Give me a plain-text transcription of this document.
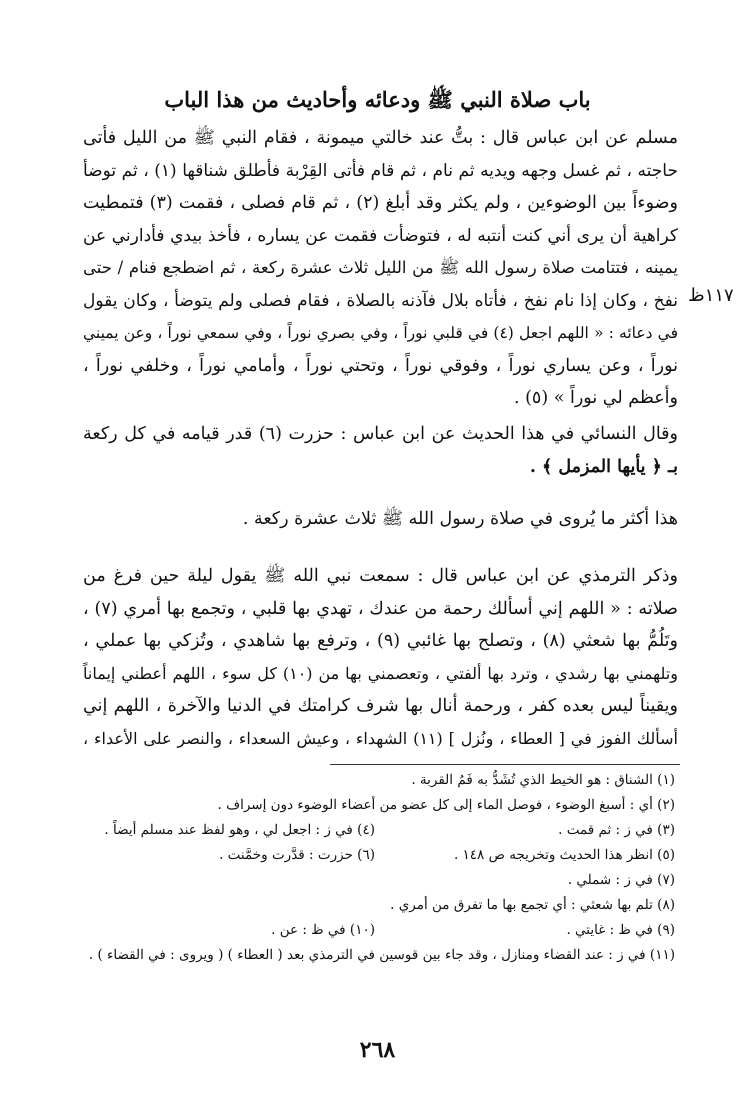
باب صلاة النبي ﷺ ودعائه وأحاديث من هذا الباب
١١٧ظ
مسلم عن ابن عباس قال : بتُّ عند خالتي ميمونة ، فقام النبي ﷺ من الليل فأتى
حاجته ، ثم غسل وجهه ويديه ثم نام ، ثم قام فأتى القِرْبة فأطلق شناقها (١) ، ثم توضأ
وضوءاً بين الوضوءين ، ولم يكثر وقد أبلغ (٢) ، ثم قام فصلى ، فقمت (٣) فتمطيت
كراهية أن يرى أني كنت أنتبه له ، فتوضأت فقمت عن يساره ، فأخذ بيدي فأدارني عن
يمينه ، فتتامت صلاة رسول الله ﷺ من الليل ثلاث عشرة ركعة ، ثم اضطجع فنام / حتى
نفخ ، وكان إذا نام نفخ ، فأتاه بلال فآذنه بالصلاة ، فقام فصلى ولم يتوضأ ، وكان يقول
في دعائه : « اللهم اجعل (٤) في قلبي نوراً ، وفي بصري نوراً ، وفي سمعي نوراً ، وعن يميني
نوراً ، وعن يساري نوراً ، وفوقي نوراً ، وتحتي نوراً ، وأمامي نوراً ، وخلفي نوراً ،
وأعظم لي نوراً » (٥) .
وقال النسائي في هذا الحديث عن ابن عباس : حزرت (٦) قدر قيامه في كل ركعة
بـ ﴿ يأيها المزمل ﴾ .
هذا أكثر ما يُروى في صلاة رسول الله ﷺ ثلاث عشرة ركعة .
وذكر الترمذي عن ابن عباس قال : سمعت نبي الله ﷺ يقول ليلة حين فرغ من
صلاته : « اللهم إني أسألك رحمة من عندك ، تهدي بها قلبي ، وتجمع بها أمري (٧) ،
وتَلُمُّ بها شعثي (٨) ، وتصلح بها غائبي (٩) ، وترفع بها شاهدي ، وتُزكي بها عملي ،
وتلهمني بها رشدي ، وترد بها ألفتي ، وتعصمني بها من (١٠) كل سوء ، اللهم أعطني إيماناً
ويقيناً ليس بعده كفر ، ورحمة أنال بها شرف كرامتك في الدنيا والآخرة ، اللهم إني
أسألك الفوز في [ العطاء ، ونُزل ] (١١) الشهداء ، وعيش السعداء ، والنصر على الأعداء ،
(١) الشناق : هو الخيط الذي تُشَدُّ به فَمُ القربة .
(٢) أي : أسبغ الوضوء ، فوصل الماء إلى كل عضو من أعضاء الوضوء دون إسراف .
(٣) في ز : ثم قمت .
(٤) في ز : اجعل لي ، وهو لفظ عند مسلم أيضاً .
(٥) انظر هذا الحديث وتخريجه ص ١٤٨ .
(٦) حزرت : قدَّرت وخمَّنت .
(٧) في ز : شملي .
(٨) تلم بها شعثي : أي تجمع بها ما تفرق من أمري .
(٩) في ظ : غايتي .
(١٠) في ظ : عن .
(١١) في ز : عند القضاء ومنازل ، وقد جاء بين قوسين في الترمذي بعد ( العطاء ) ( ويروى : في القضاء ) .
٢٦٨
